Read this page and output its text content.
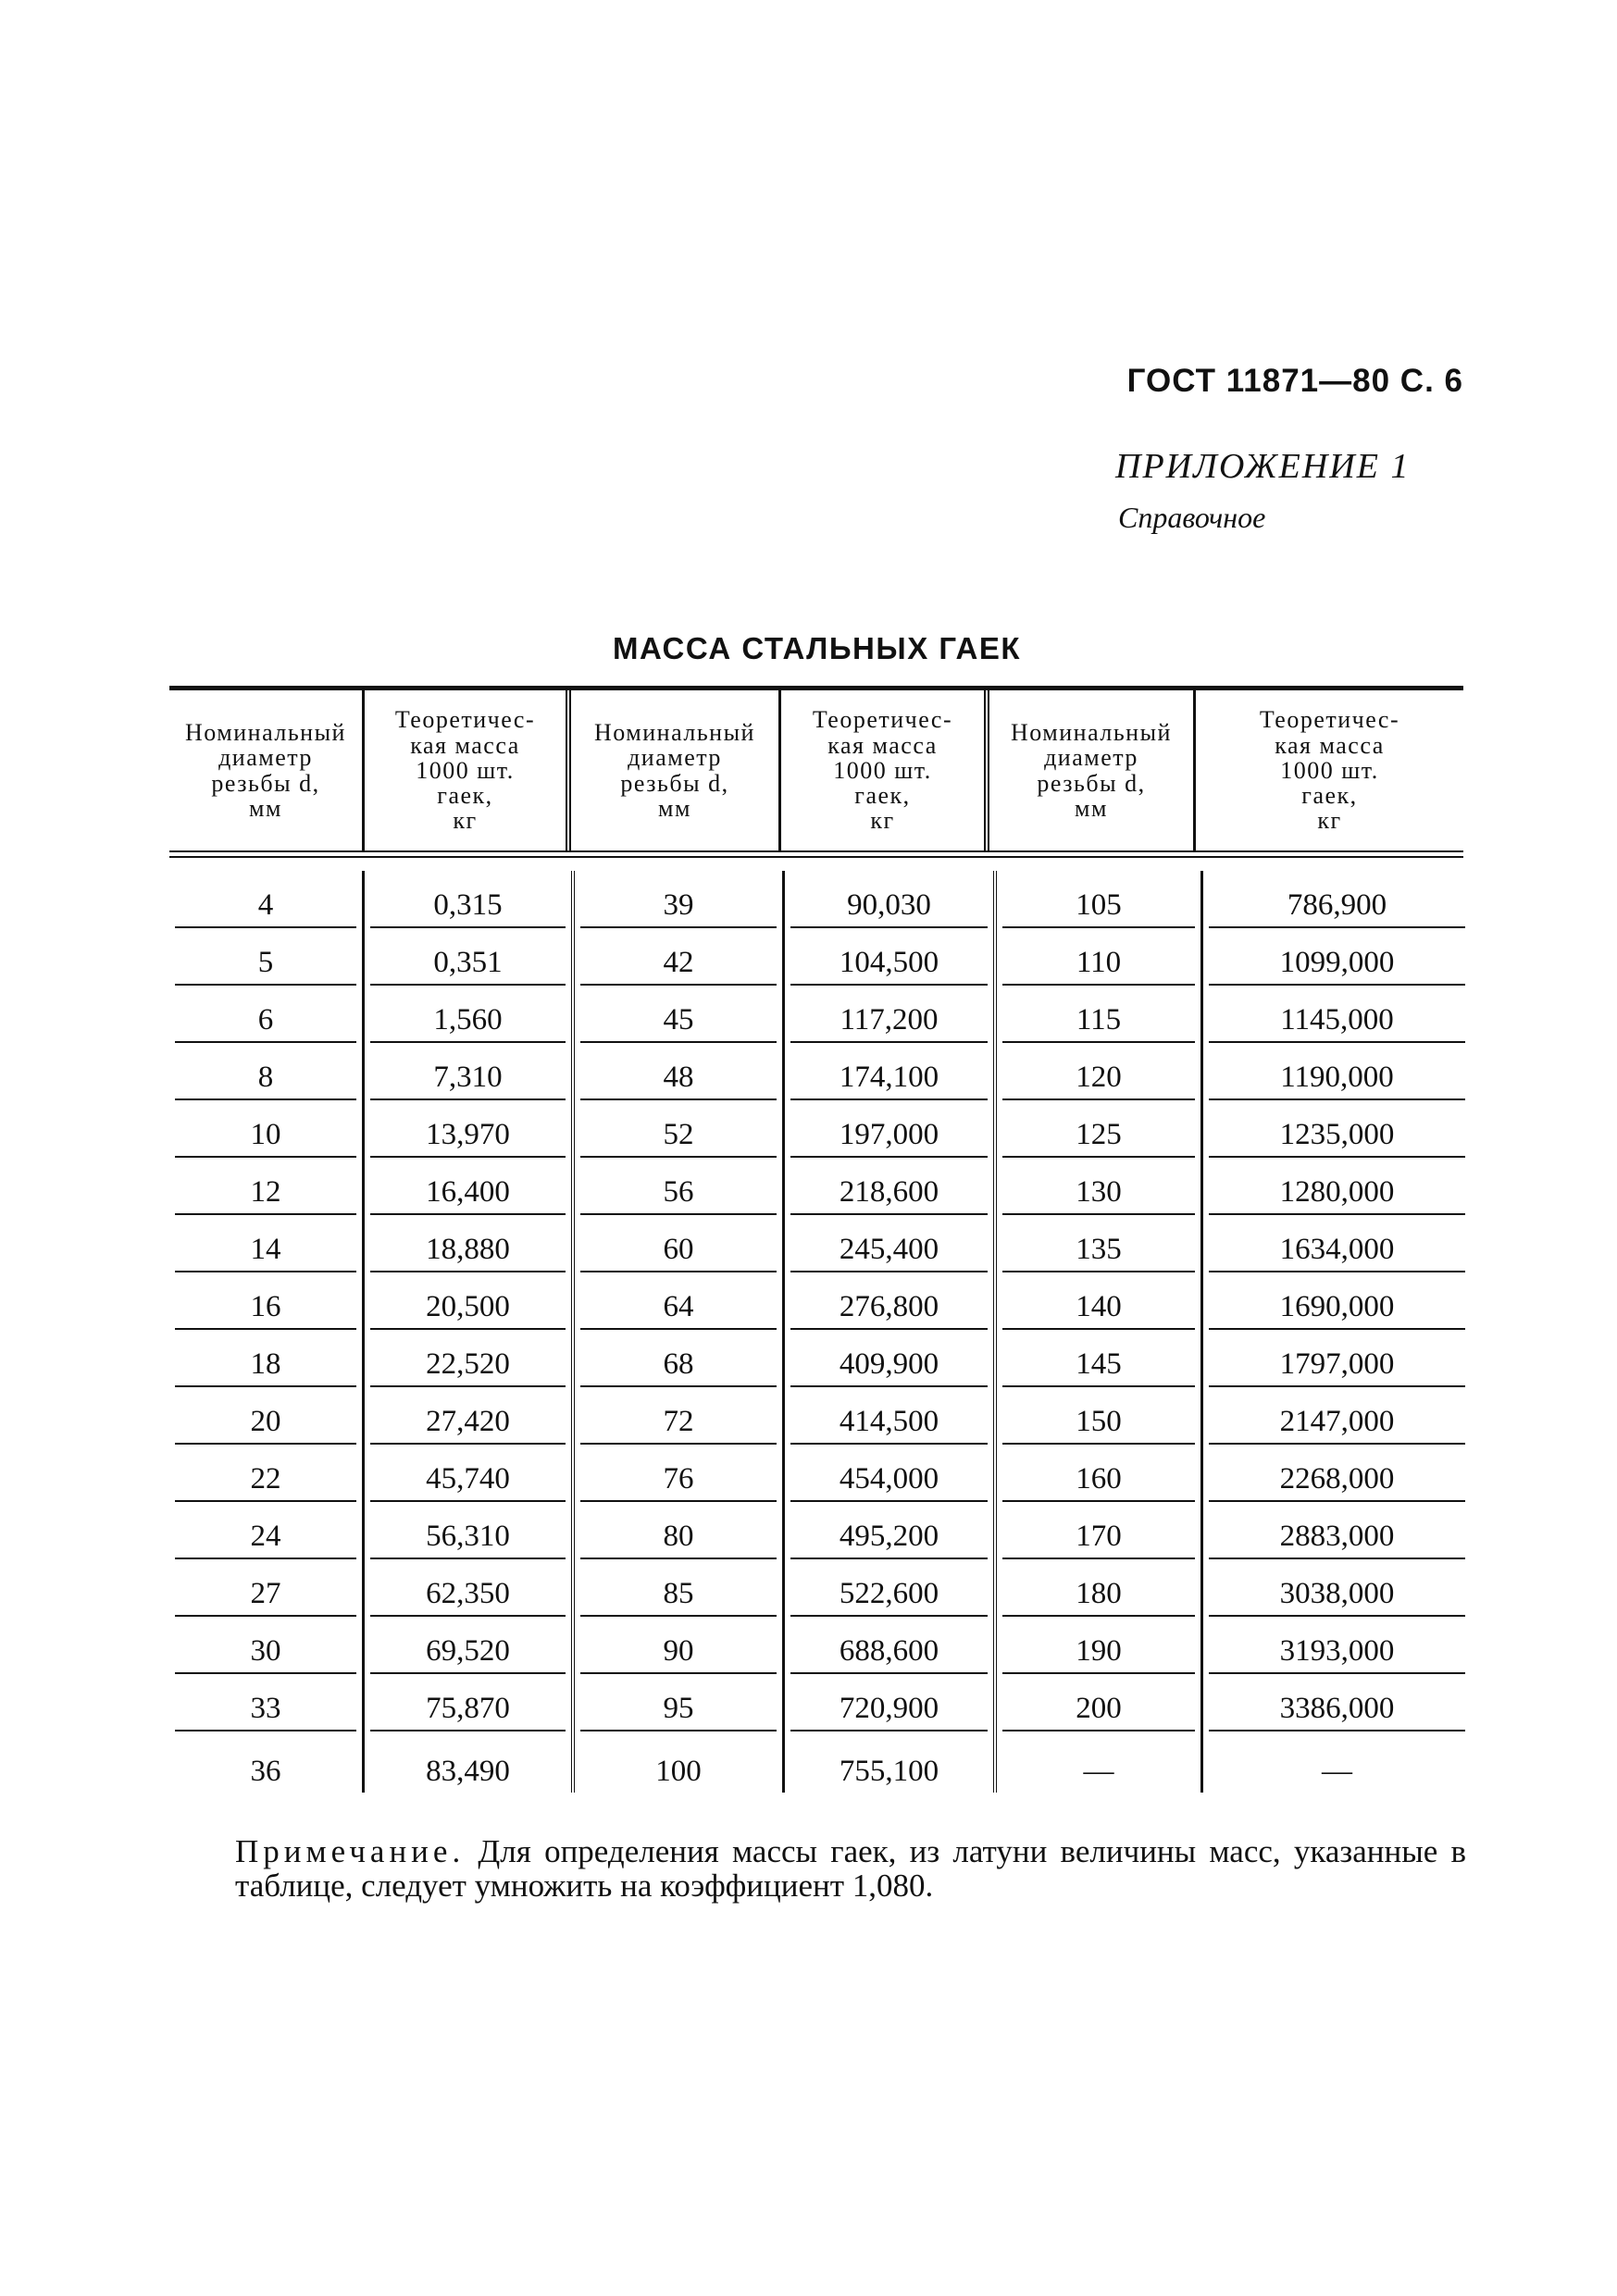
ГОСТ 11871—80 С. 6
ПРИЛОЖЕНИЕ 1
Справочное
МАССА СТАЛЬНЫХ ГАЕК
Номинальный
диаметр
резьбы d,
мм
Теоретичес-
кая масса
1000 шт.
гаек,
кг
Номинальный
диаметр
резьбы d,
мм
Теоретичес-
кая масса
1000 шт.
гаек,
кг
Номинальный
диаметр
резьбы d,
мм
Теоретичес-
кая масса
1000 шт.
гаек,
кг
4
5
6
8
10
12
14
16
18
20
22
24
27
30
33
36
0,315
0,351
1,560
7,310
13,970
16,400
18,880
20,500
22,520
27,420
45,740
56,310
62,350
69,520
75,870
83,490
39
42
45
48
52
56
60
64
68
72
76
80
85
90
95
100
90,030
104,500
117,200
174,100
197,000
218,600
245,400
276,800
409,900
414,500
454,000
495,200
522,600
688,600
720,900
755,100
105
110
115
120
125
130
135
140
145
150
160
170
180
190
200
—
786,900
1099,000
1145,000
1190,000
1235,000
1280,000
1634,000
1690,000
1797,000
2147,000
2268,000
2883,000
3038,000
3193,000
3386,000
—
Примечание. Для определения массы гаек, из латуни величины масс, указанные в таблице, следует умножить на коэффициент 1,080.
